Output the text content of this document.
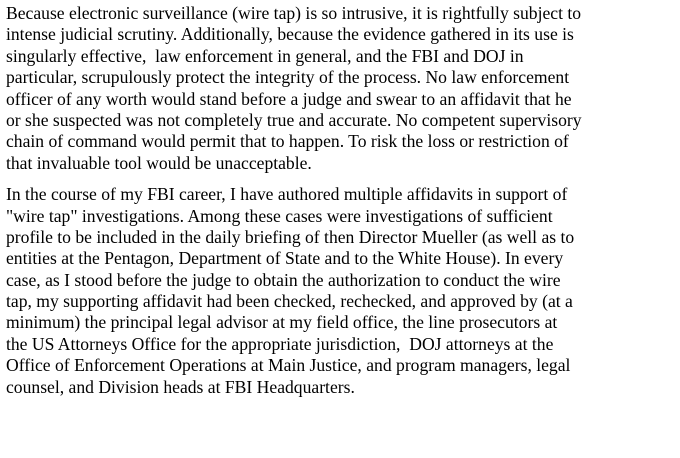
Because electronic surveillance (wire tap) is so intrusive, it is rightfully subject to
intense judicial scrutiny. Additionally, because the evidence gathered in its use is
singularly effective,  law enforcement in general, and the FBI and DOJ in
particular, scrupulously protect the integrity of the process. No law enforcement
officer of any worth would stand before a judge and swear to an affidavit that he
or she suspected was not completely true and accurate. No competent supervisory
chain of command would permit that to happen. To risk the loss or restriction of
that invaluable tool would be unacceptable.

In the course of my FBI career, I have authored multiple affidavits in support of
"wire tap" investigations. Among these cases were investigations of sufficient
profile to be included in the daily briefing of then Director Mueller (as well as to
entities at the Pentagon, Department of State and to the White House). In every
case, as I stood before the judge to obtain the authorization to conduct the wire
tap, my supporting affidavit had been checked, rechecked, and approved by (at a
minimum) the principal legal advisor at my field office, the line prosecutors at
the US Attorneys Office for the appropriate jurisdiction,  DOJ attorneys at the
Office of Enforcement Operations at Main Justice, and program managers, legal
counsel, and Division heads at FBI Headquarters.
